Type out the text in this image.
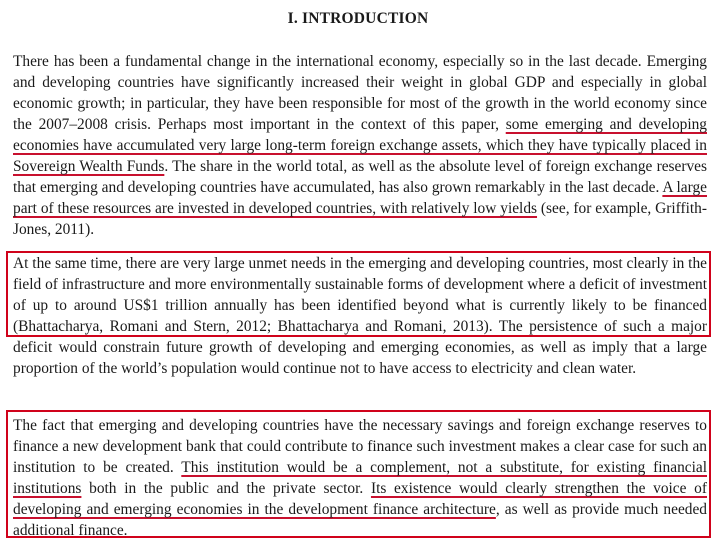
I. INTRODUCTION

There has been a fundamental change in the international economy, especially so in the last decade. Emerging and developing countries have significantly increased their weight in global GDP and especially in global economic growth; in particular, they have been responsible for most of the growth in the world economy since the 2007–2008 crisis. Perhaps most important in the context of this paper, some emerging and developing economies have accumulated very large long-term foreign exchange assets, which they have typically placed in Sovereign Wealth Funds. The share in the world total, as well as the absolute level of foreign exchange reserves that emerging and developing countries have accumulated, has also grown remarkably in the last decade. A large part of these resources are invested in developed countries, with relatively low yields (see, for example, Griffith-Jones, 2011).

At the same time, there are very large unmet needs in the emerging and developing countries, most clearly in the field of infrastructure and more environmentally sustainable forms of development where a deficit of investment of up to around US$1 trillion annually has been identified beyond what is currently likely to be financed (Bhattacharya, Romani and Stern, 2012; Bhattacharya and Romani, 2013). The persistence of such a major deficit would constrain future growth of developing and emerging economies, as well as imply that a large proportion of the world’s population would continue not to have access to electricity and clean water.

The fact that emerging and developing countries have the necessary savings and foreign exchange reserves to finance a new development bank that could contribute to finance such investment makes a clear case for such an institution to be created. This institution would be a complement, not a substitute, for existing financial institutions both in the public and the private sector. Its existence would clearly strengthen the voice of developing and emerging economies in the development finance architecture, as well as provide much needed additional finance.
